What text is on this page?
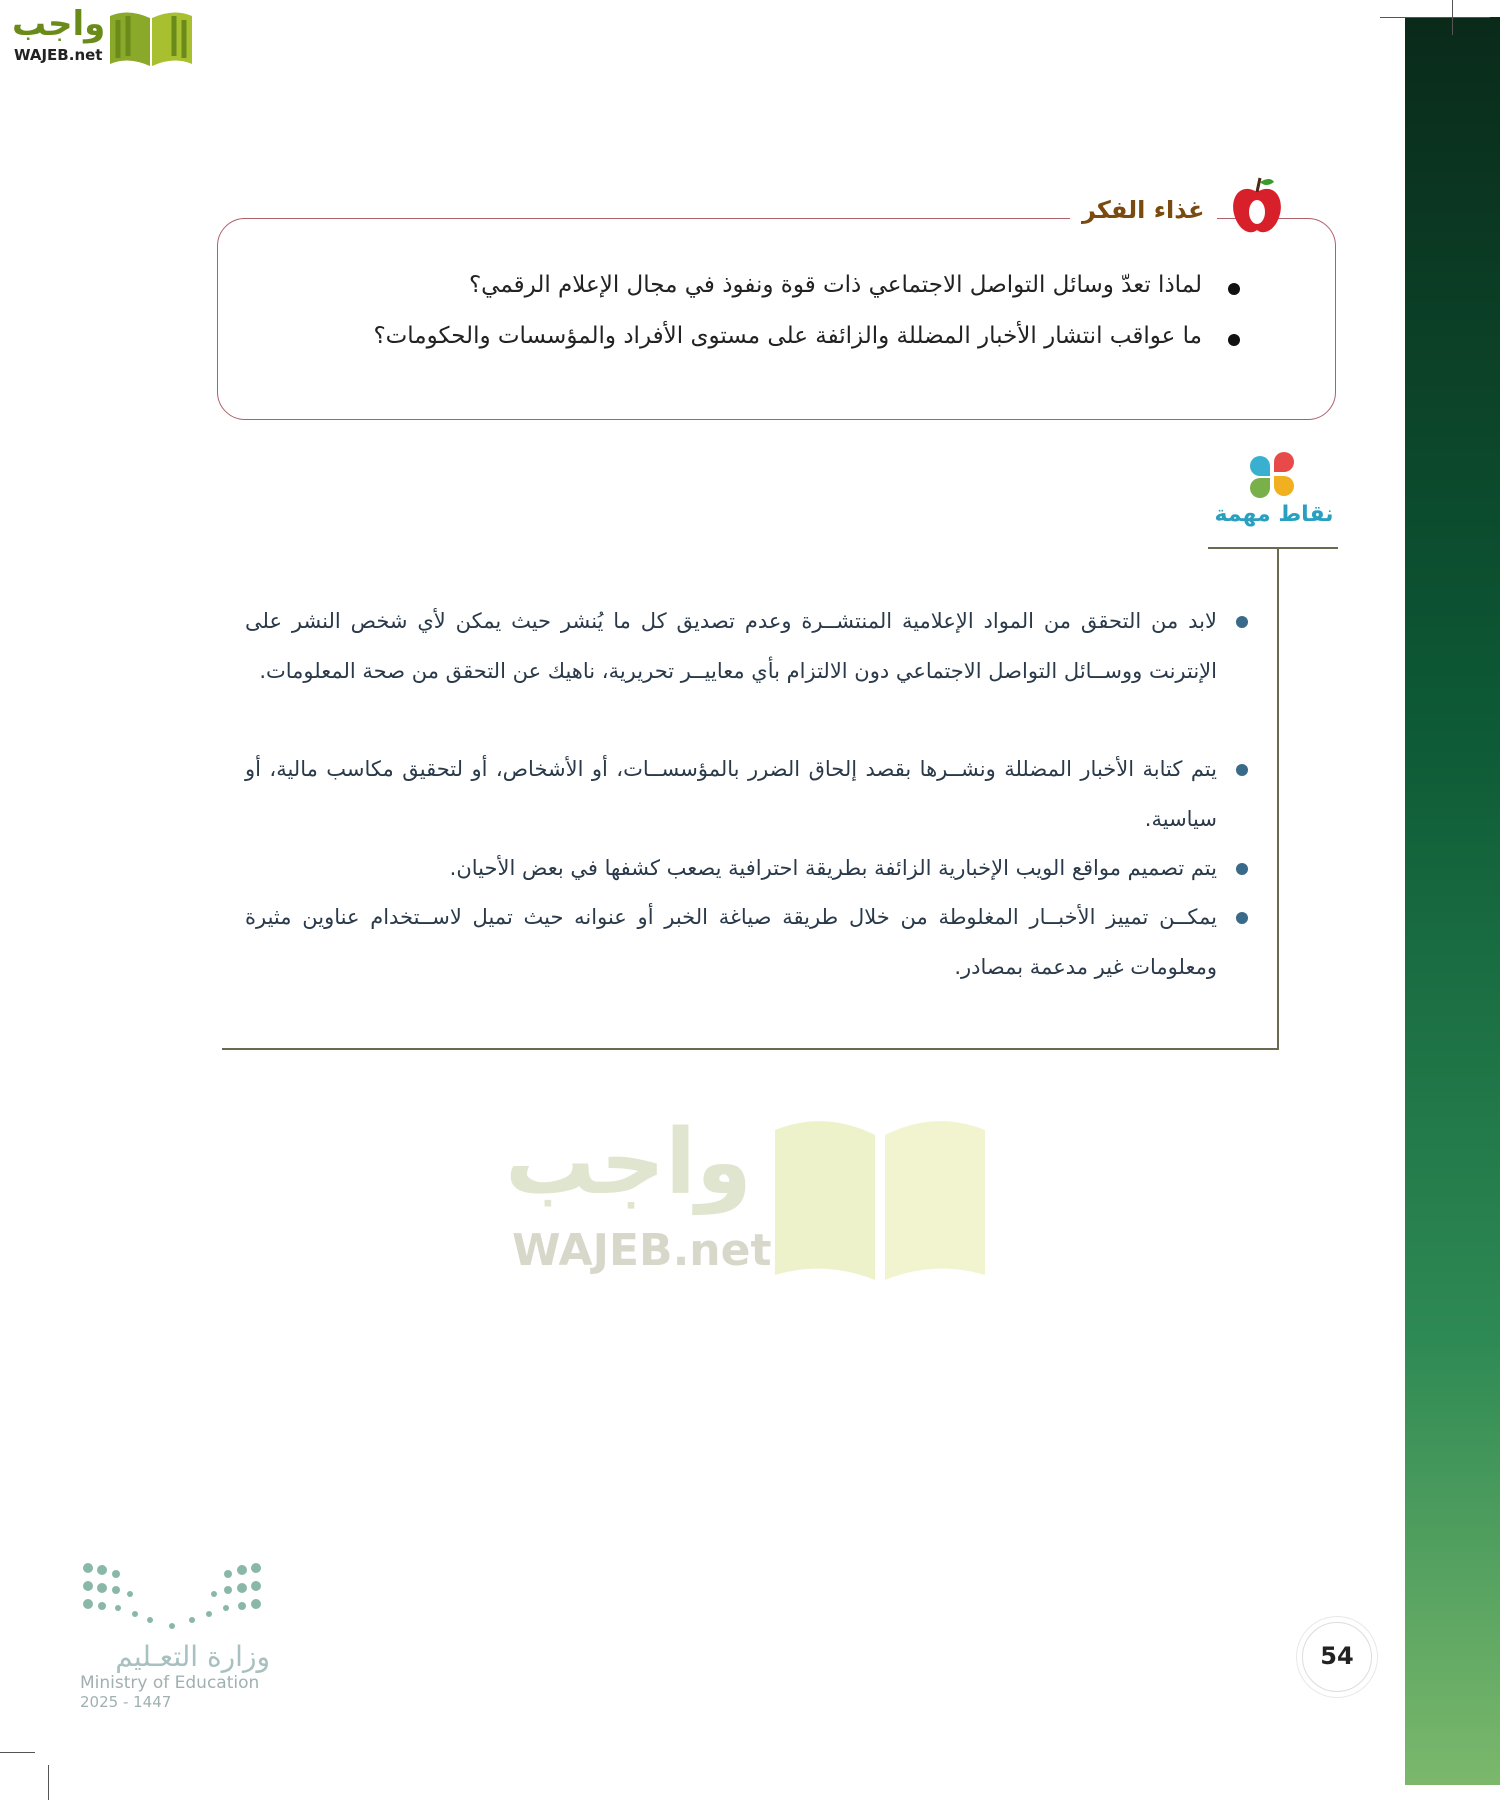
واجب
WAJEB.net
غذاء الفكر
لماذا تعدّ وسائل التواصل الاجتماعي ذات قوة ونفوذ في مجال الإعلام الرقمي؟
ما عواقب انتشار الأخبار المضللة والزائفة على مستوى الأفراد والمؤسسات والحكومات؟
نقاط مهمة
واجب
WAJEB.net
لابد من التحقق من المواد الإعلامية المنتشــرة وعدم تصديق كل ما يُنشر حيث يمكن لأي شخص النشر على الإنترنت ووســائل التواصل الاجتماعي دون الالتزام بأي معاييــر تحريرية، ناهيك عن التحقق من صحة المعلومات.
يتم كتابة الأخبار المضللة ونشــرها بقصد إلحاق الضرر بالمؤسســات، أو الأشخاص، أو لتحقيق مكاسب مالية، أو سياسية.
يتم تصميم مواقع الويب الإخبارية الزائفة بطريقة احترافية يصعب كشفها في بعض الأحيان.
يمكــن تمييز الأخبــار المغلوطة من خلال طريقة صياغة الخبر أو عنوانه حيث تميل لاســتخدام عناوين مثيرة ومعلومات غير مدعمة بمصادر.
54
وزارة التعـليم
Ministry of Education
2025 - 1447
